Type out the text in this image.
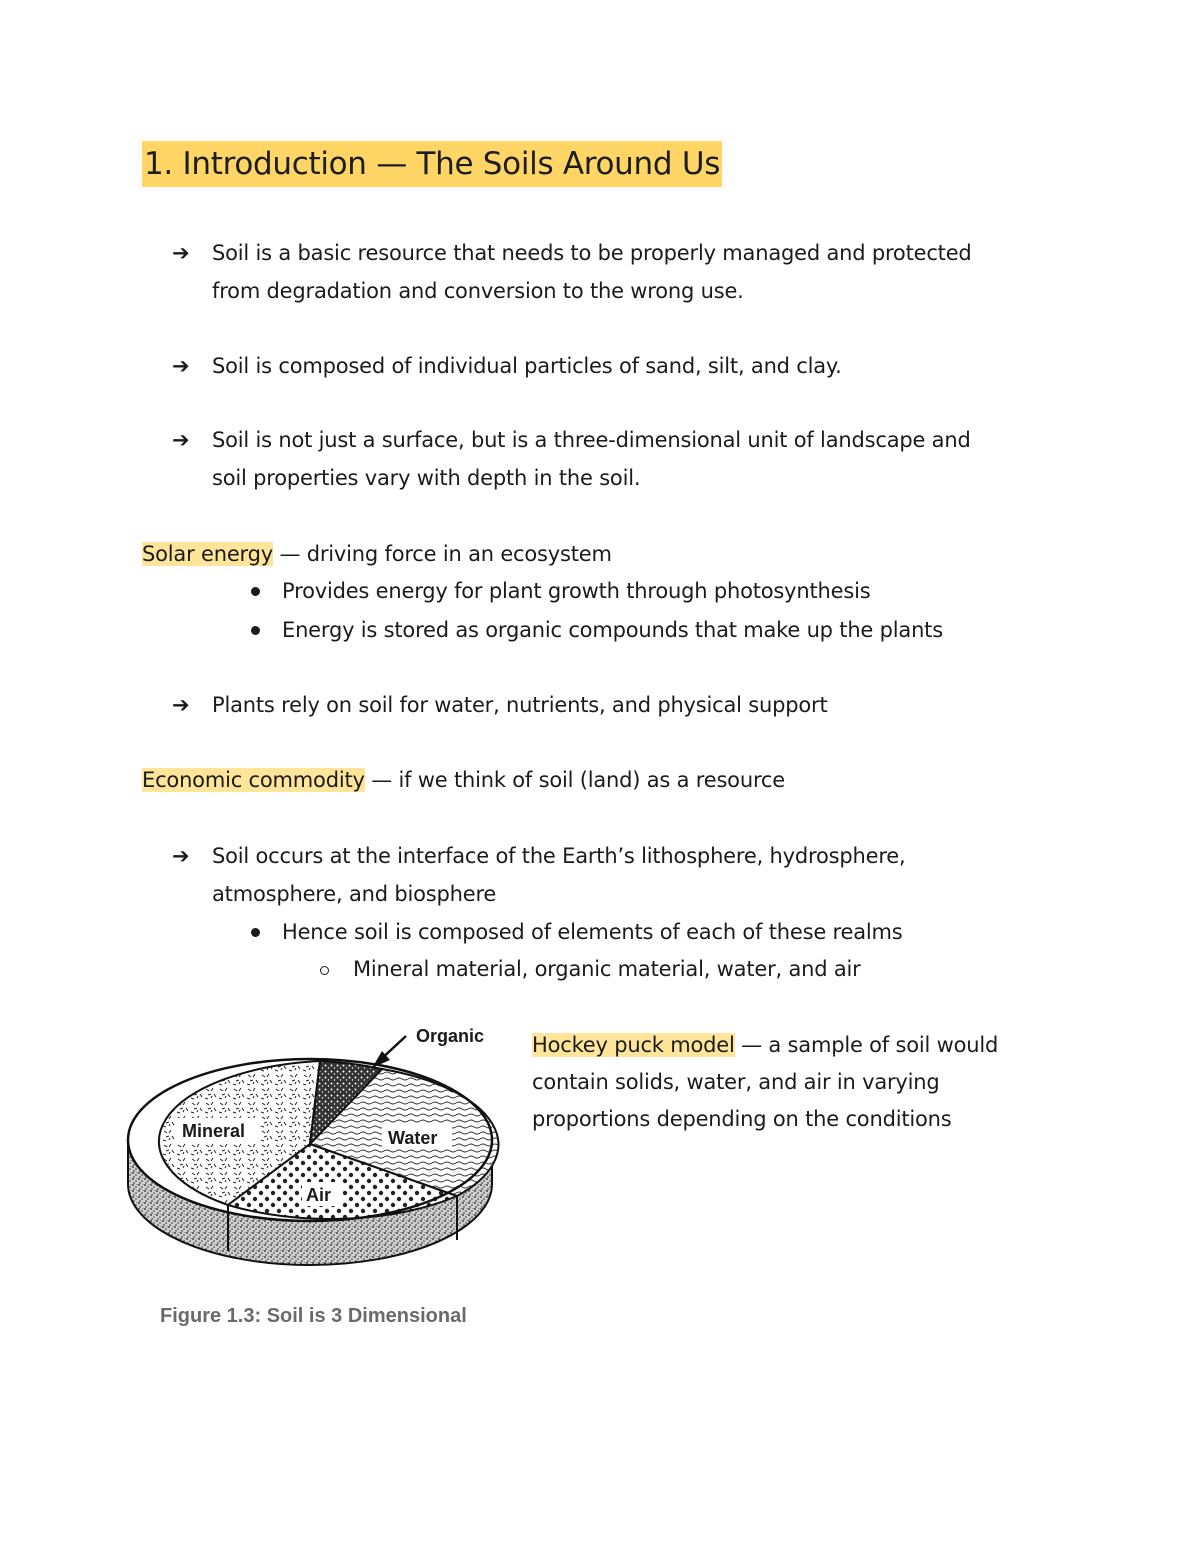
1. Introduction — The Soils Around Us
➔	Soil is a basic resource that needs to be properly managed and protected
from degradation and conversion to the wrong use.
➔	Soil is composed of individual particles of sand, silt, and clay.
➔	Soil is not just a surface, but is a three-dimensional unit of landscape and
soil properties vary with depth in the soil.
Solar energy — driving force in an ecosystem
Provides energy for plant growth through photosynthesis
Energy is stored as organic compounds that make up the plants
➔	Plants rely on soil for water, nutrients, and physical support
Economic commodity — if we think of soil (land) as a resource
➔	Soil occurs at the interface of the Earth’s lithosphere, hydrosphere,
atmosphere, and biosphere
Hence soil is composed of elements of each of these realms
Mineral material, organic material, water, and air
Hockey puck model — a sample of soil would
contain solids, water, and air in varying
proportions depending on the conditions
Mineral	Water
Air
Organic
Figure 1.3: Soil is 3 Dimensional
